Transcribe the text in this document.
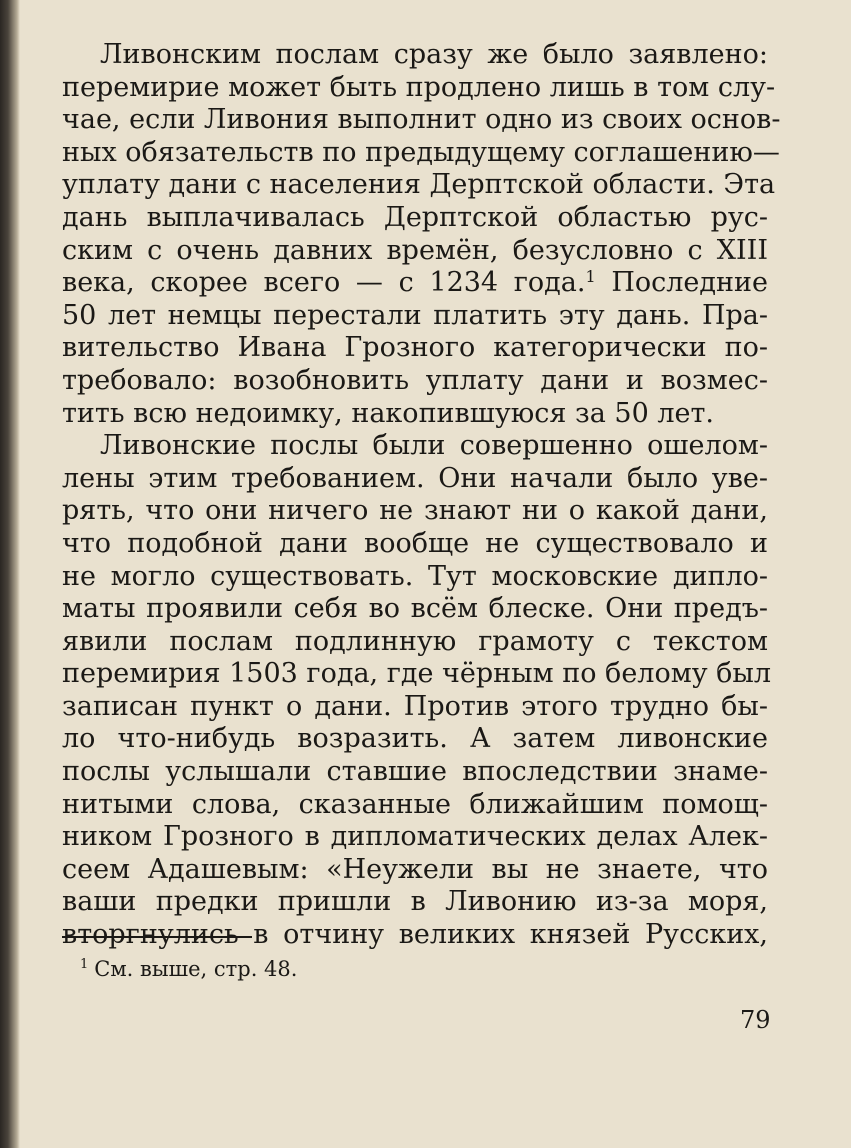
Ливонским послам сразу же было заявлено:
перемирие может быть продлено лишь в том слу-
чае, если Ливония выполнит одно из своих основ-
ных обязательств по предыдущему соглашению—
уплату дани с населения Дерптской области. Эта
дань выплачивалась Дерптской областью рус-
ским с очень давних времён, безусловно с XIII
века, скорее всего — с 1234 года.$^1$ Последние
50 лет немцы перестали платить эту дань. Пра-
вительство Ивана Грозного категорически по-
требовало: возобновить уплату дани и возмес-
тить всю недоимку, накопившуюся за 50 лет.
Ливонские послы были совершенно ошелом-
лены этим требованием. Они начали было уве-
рять, что они ничего не знают ни о какой дани,
что подобной дани вообще не существовало и
не могло существовать. Тут московские дипло-
маты проявили себя во всём блеске. Они предъ-
явили послам подлинную грамоту с текстом
перемирия 1503 года, где чёрным по белому был
записан пункт о дани. Против этого трудно бы-
ло что-нибудь возразить. А затем ливонские
послы услышали ставшие впоследствии знаме-
нитыми слова, сказанные ближайшим помощ-
ником Грозного в дипломатических делах Алек-
сеем Адашевым: «Неужели вы не знаете, что
ваши предки пришли в Ливонию из-за моря,
вторгнулись в отчину великих князей Русских,
$^1$ См. выше, стр. 48.
79
